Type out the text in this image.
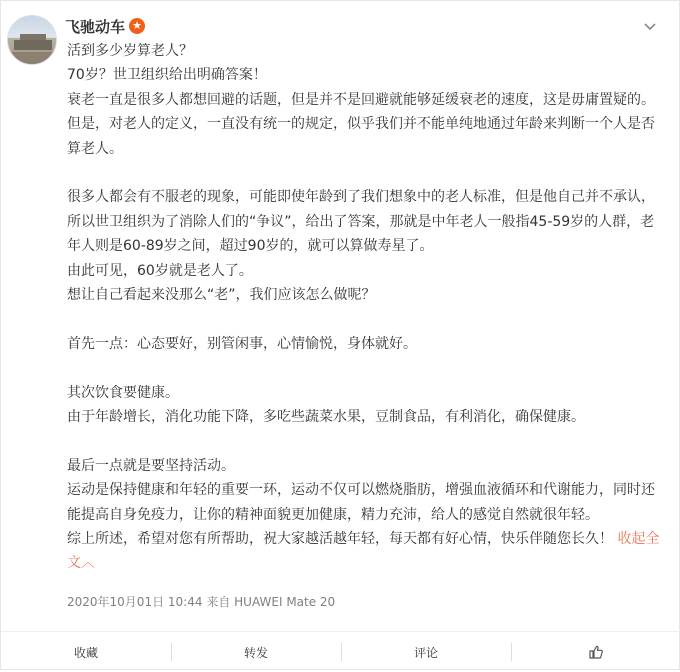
飞驰动车 ★

活到多少岁算老人？

70岁？世卫组织给出明确答案！

衰老一直是很多人都想回避的话题，但是并不是回避就能够延缓衰老的速度，这是毋庸置疑的。

但是，对老人的定义，一直没有统一的规定，似乎我们并不能单纯地通过年龄来判断一个人是否算老人。

很多人都会有不服老的现象，可能即使年龄到了我们想象中的老人标准，但是他自己并不承认，所以世卫组织为了消除人们的“争议”，给出了答案，那就是中年老人一般指45-59岁的人群，老年人则是60-89岁之间，超过90岁的，就可以算做寿星了。

由此可见，60岁就是老人了。

想让自己看起来没那么“老”，我们应该怎么做呢？

首先一点：心态要好，别管闲事，心情愉悦，身体就好。

其次饮食要健康。

由于年龄增长，消化功能下降，多吃些蔬菜水果，豆制食品，有利消化，确保健康。

最后一点就是要坚持活动。

运动是保持健康和年轻的重要一环，运动不仅可以燃烧脂肪，增强血液循环和代谢能力，同时还能提高自身免疫力，让你的精神面貌更加健康，精力充沛，给人的感觉自然就很年轻。

综上所述，希望对您有所帮助，祝大家越活越年轻，每天都有好心情，快乐伴随您长久！ 收起全文︿

2020年10月01日 10:44 来自 HUAWEI Mate 20
收藏	转发	评论
